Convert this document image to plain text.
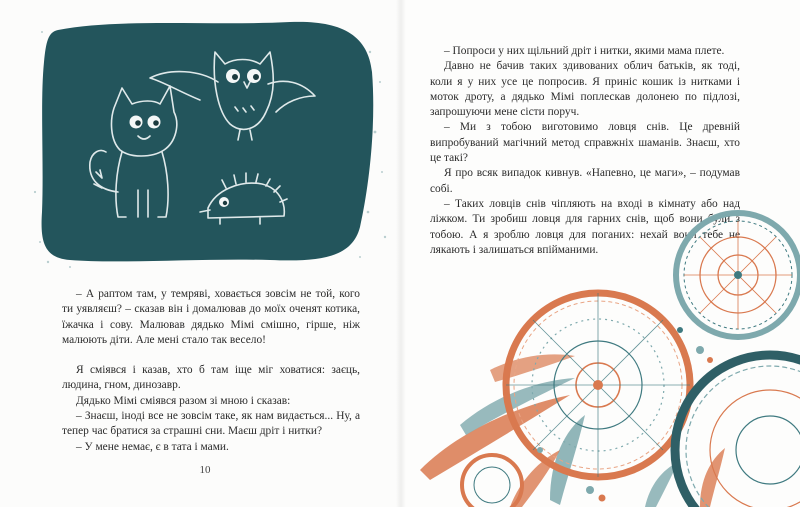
– А раптом там, у темряві, ховається зовсім не той, кого ти уявляєш? – сказав він і домалював до моїх оченят котика, їжачка і сову. Малював дядько Мімі смішно, гірше, ніж малюють діти. Але мені стало так весело!

Я сміявся і казав, хто б там іще міг ховатися: заєць, людина, гном, динозавр.

Дядько Мімі сміявся разом зі мною і сказав:

– Знаєш, іноді все не зовсім таке, як нам видається... Ну, а тепер час братися за страшні сни. Маєш дріт і нитки?

– У мене немає, є в тата і мами.

10

– Попроси у них щільний дріт і нитки, якими мама плете.

Давно не бачив таких здивованих облич батьків, як тоді, коли я у них усе це попросив. Я приніс кошик із нитками і моток дроту, а дядько Мімі поплескав долонею по підлозі, запрошуючи мене сісти поруч.

– Ми з тобою виготовимо ловця снів. Це древній випробуваний магічний метод справжніх шаманів. Знаєш, хто це такі?

Я про всяк випадок кивнув. «Напевно, це маги», – подумав собі.

– Таких ловців снів чіпляють на вході в кімнату або над ліжком. Ти зробиш ловця для гарних снів, щоб вони були з тобою. А я зроблю ловця для поганих: нехай вони тебе не лякають і залишаться впійманими.
